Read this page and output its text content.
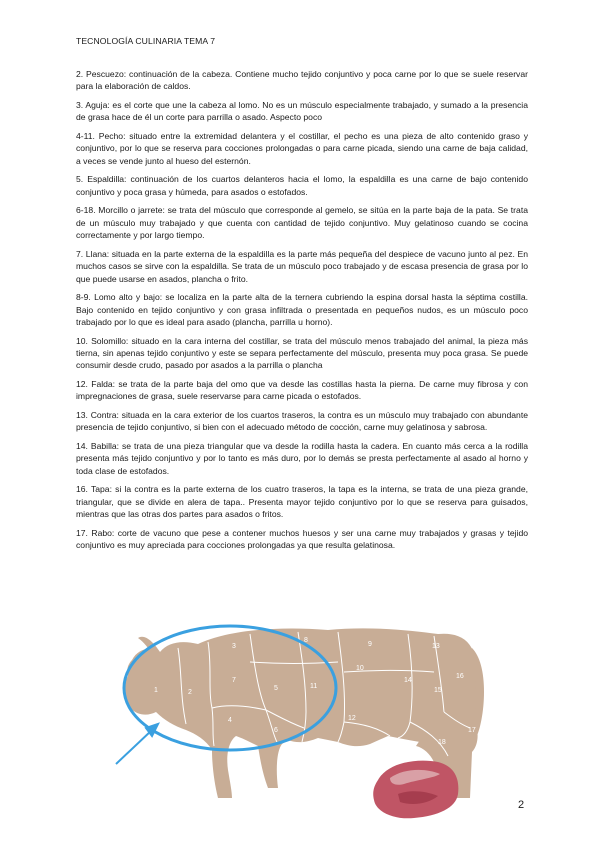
TECNOLOGÍA CULINARIA TEMA 7

2. Pescuezo: continuación de la cabeza. Contiene mucho tejido conjuntivo y poca carne por lo que se suele reservar para la elaboración de caldos.

3. Aguja: es el corte que une la cabeza al lomo. No es un músculo especialmente trabajado, y sumado a la presencia de grasa hace de él un corte para parrilla o asado. Aspecto poco

4-11. Pecho: situado entre la extremidad delantera y el costillar, el pecho es una pieza de alto contenido graso y conjuntivo, por lo que se reserva para cocciones prolongadas o para carne picada, siendo una carne de baja calidad, a veces se vende junto al hueso del esternón.

5. Espaldilla: continuación de los cuartos delanteros hacia el lomo, la espaldilla es una carne de bajo contenido conjuntivo y poca grasa y húmeda, para asados o estofados.

6-18. Morcillo o jarrete: se trata del músculo que corresponde al gemelo, se sitúa en la parte baja de la pata. Se trata de un músculo muy trabajado y que cuenta con cantidad de tejido conjuntivo. Muy gelatinoso cuando se cocina correctamente y por largo tiempo.

7. Llana: situada en la parte externa de la espaldilla es la parte más pequeña del despiece de vacuno junto al pez. En muchos casos se sirve con la espaldilla. Se trata de un músculo poco trabajado y de escasa presencia de grasa por lo que puede usarse en asados, plancha o frito.

8-9. Lomo alto y bajo: se localiza en la parte alta de la ternera cubriendo la espina dorsal hasta la séptima costilla. Bajo contenido en tejido conjuntivo y con grasa infiltrada o presentada en pequeños nudos, es un músculo poco trabajado por lo que es ideal para asado (plancha, parrilla u horno).

10. Solomillo: situado en la cara interna del costillar, se trata del músculo menos trabajado del animal, la pieza más tierna, sin apenas tejido conjuntivo y este se separa perfectamente del músculo, presenta muy poca grasa. Se puede consumir desde crudo, pasado por asados a la parrilla o plancha

12. Falda: se trata de la parte baja del omo que va desde las costillas hasta la pierna. De carne muy fibrosa y con impregnaciones de grasa, suele reservarse para carne picada o estofados.

13. Contra: situada en la cara exterior de los cuartos traseros, la contra es un músculo muy trabajado con abundante presencia de tejido conjuntivo, si bien con el adecuado método de cocción, carne muy gelatinosa y sabrosa.

14. Babilla: se trata de una pieza triangular que va desde la rodilla hasta la cadera. En cuanto más cerca a la rodilla presenta más tejido conjuntivo y por lo tanto es más duro, por lo demás se presta perfectamente al asado al horno y toda clase de estofados.

16. Tapa: si la contra es la parte externa de los cuatro traseros, la tapa es la interna, se trata de una pieza grande, triangular, que se divide en alera de tapa.. Presenta mayor tejido conjuntivo por lo que se reserva para guisados, mientras que las otras dos partes para asados o fritos.

17. Rabo: corte de vacuno que pese a contener muchos huesos y ser una carne muy trabajados y grasas y tejido conjuntivo es muy apreciada para cocciones prolongadas ya que resulta gelatinosa.

1	2
3
4
5
6
7
8
9
10
11
12
13
14
15
16
17
18
2
